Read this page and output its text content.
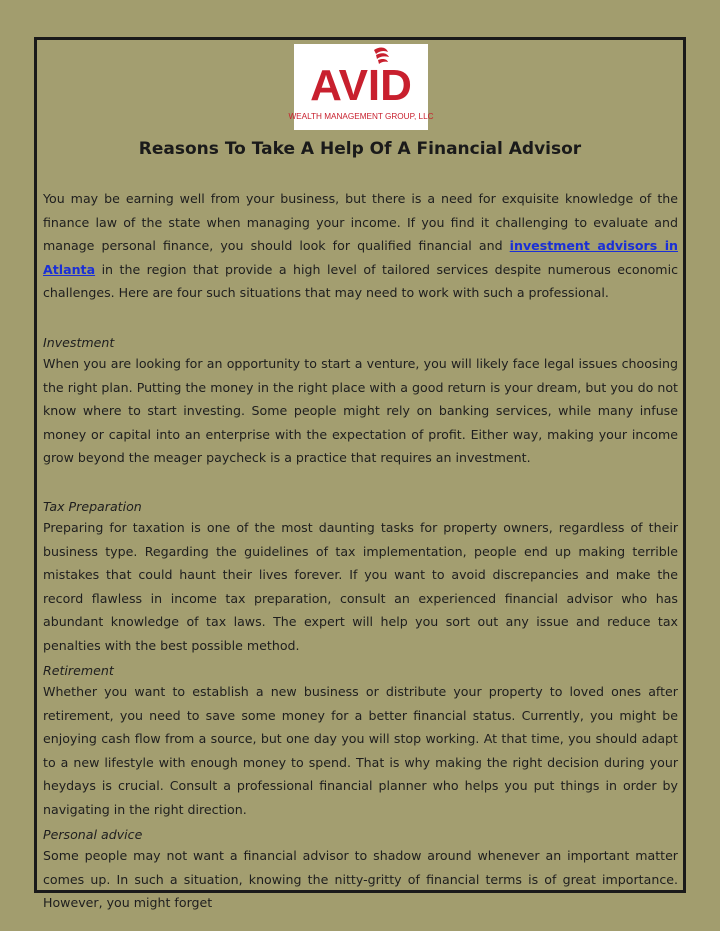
AVID
WEALTH MANAGEMENT GROUP, LLC
Reasons To Take A Help Of A Financial Advisor

You may be earning well from your business, but there is a need for exquisite knowledge of the finance law of the state when managing your income. If you find it challenging to evaluate and manage personal finance, you should look for qualified financial and investment advisors in Atlanta in the region that provide a high level of tailored services despite numerous economic challenges. Here are four such situations that may need to work with such a professional.

Investment

When you are looking for an opportunity to start a venture, you will likely face legal issues choosing the right plan. Putting the money in the right place with a good return is your dream, but you do not know where to start investing. Some people might rely on banking services, while many infuse money or capital into an enterprise with the expectation of profit. Either way, making your income grow beyond the meager paycheck is a practice that requires an investment.

Tax Preparation

Preparing for taxation is one of the most daunting tasks for property owners, regardless of their business type. Regarding the guidelines of tax implementation, people end up making terrible mistakes that could haunt their lives forever. If you want to avoid discrepancies and make the record flawless in income tax preparation, consult an experienced financial advisor who has abundant knowledge of tax laws. The expert will help you sort out any issue and reduce tax penalties with the best possible method.

Retirement

Whether you want to establish a new business or distribute your property to loved ones after retirement, you need to save some money for a better financial status. Currently, you might be enjoying cash flow from a source, but one day you will stop working. At that time, you should adapt to a new lifestyle with enough money to spend. That is why making the right decision during your heydays is crucial. Consult a professional financial planner who helps you put things in order by navigating in the right direction.

Personal advice

Some people may not want a financial advisor to shadow around whenever an important matter comes up. In such a situation, knowing the nitty-gritty of financial terms is of great importance. However, you might forget
